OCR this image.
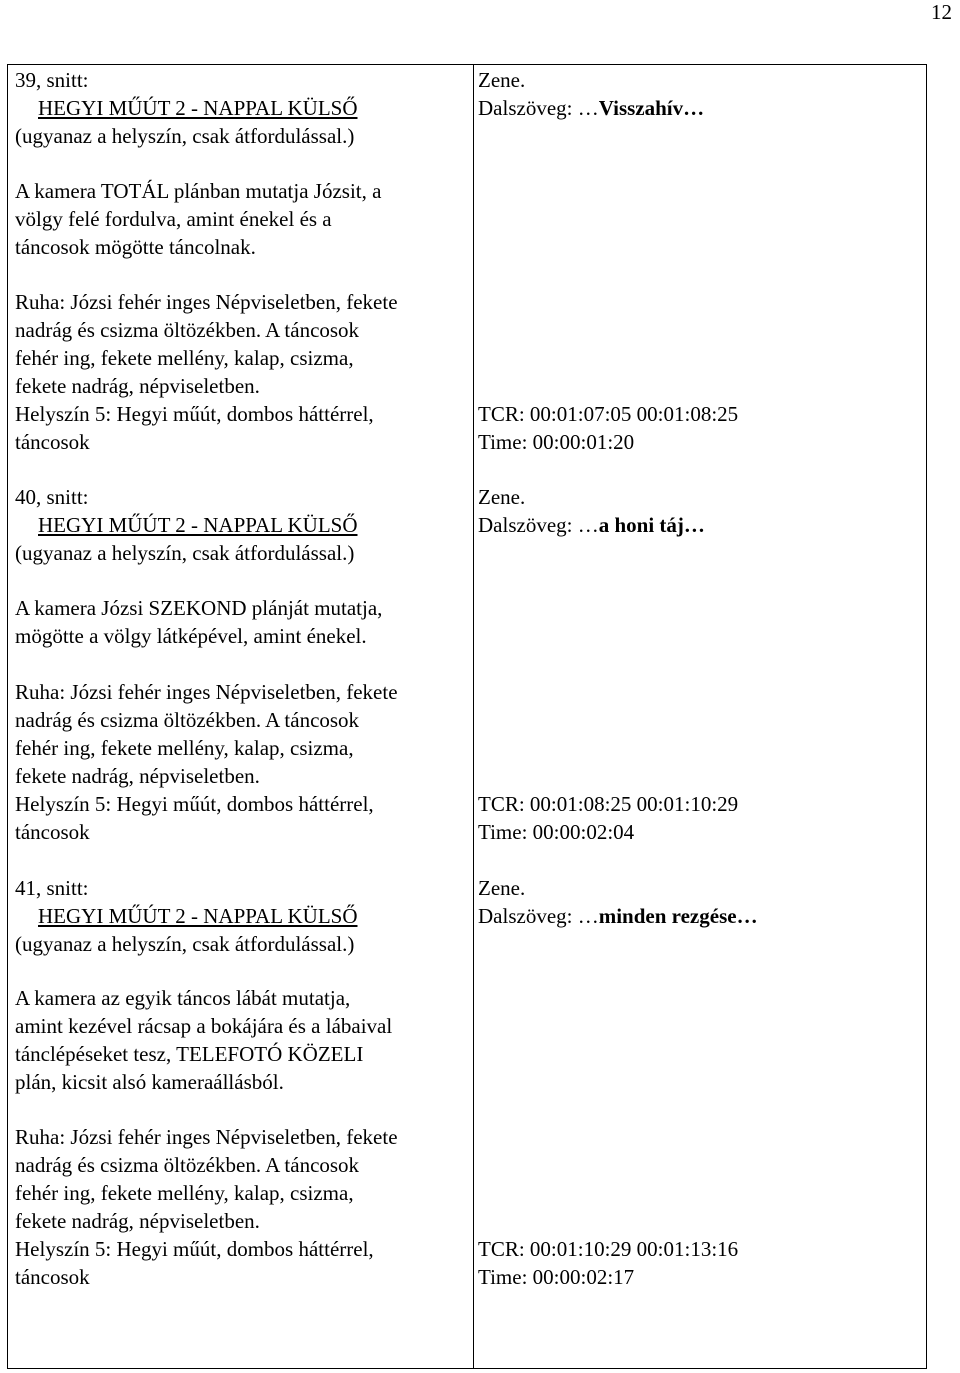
12
39, snitt:
HEGYI MŰÚT 2 - NAPPAL KÜLSŐ
(ugyanaz a helyszín, csak átfordulással.)
A kamera TOTÁL plánban mutatja Józsit, a
völgy felé fordulva, amint énekel és a
táncosok mögötte táncolnak.
Ruha: Józsi fehér inges Népviseletben, fekete
nadrág és csizma öltözékben. A táncosok
fehér ing, fekete mellény, kalap, csizma,
fekete nadrág, népviseletben.
Helyszín 5: Hegyi műút, dombos háttérrel,
táncosok
Zene.
Dalszöveg: …Visszahív…
TCR: 00:01:07:05 00:01:08:25
Time: 00:00:01:20
40, snitt:
HEGYI MŰÚT 2 - NAPPAL KÜLSŐ
(ugyanaz a helyszín, csak átfordulással.)
A kamera Józsi SZEKOND plánját mutatja,
mögötte a völgy látképével, amint énekel.
Ruha: Józsi fehér inges Népviseletben, fekete
nadrág és csizma öltözékben. A táncosok
fehér ing, fekete mellény, kalap, csizma,
fekete nadrág, népviseletben.
Helyszín 5: Hegyi műút, dombos háttérrel,
táncosok
Zene.
Dalszöveg: …a honi táj…
TCR: 00:01:08:25 00:01:10:29
Time: 00:00:02:04
41, snitt:
HEGYI MŰÚT 2 - NAPPAL KÜLSŐ
(ugyanaz a helyszín, csak átfordulással.)
A kamera az egyik táncos lábát mutatja,
amint kezével rácsap a bokájára és a lábaival
tánclépéseket tesz, TELEFOTÓ KÖZELI
plán, kicsit alsó kameraállásból.
Ruha: Józsi fehér inges Népviseletben, fekete
nadrág és csizma öltözékben. A táncosok
fehér ing, fekete mellény, kalap, csizma,
fekete nadrág, népviseletben.
Helyszín 5: Hegyi műút, dombos háttérrel,
táncosok
Zene.
Dalszöveg: …minden rezgése…
TCR: 00:01:10:29 00:01:13:16
Time: 00:00:02:17
